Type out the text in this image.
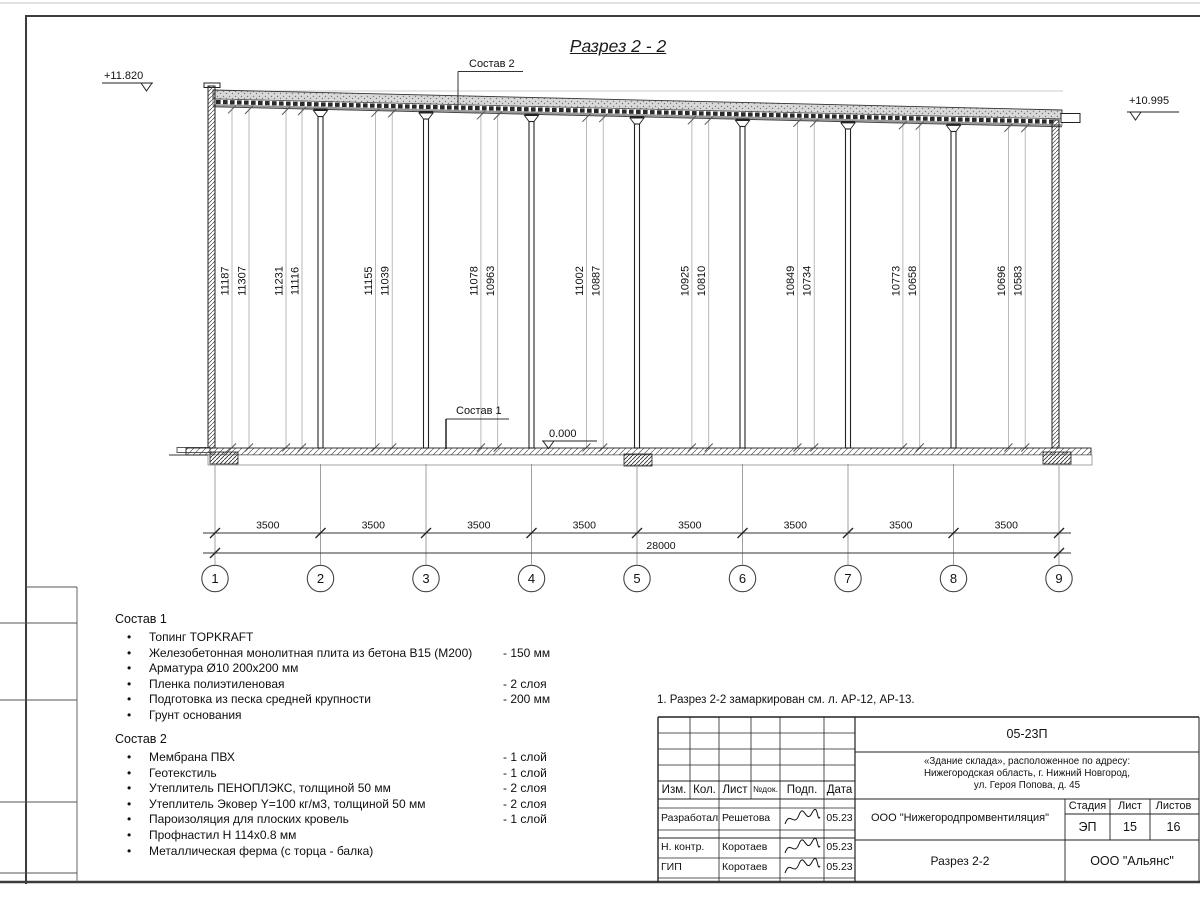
11187 11307 11231 11116	11155 11039	11078 10963	11002 10887	10925 10810	10849 10734	10773 10658	10696 10583
3500	3500	3500	3500	3500	3500	3500	3500
28000
1	2	3	4	5	6	7	8	9
+11.820
+10.995
0.000
Состав 2
Состав 1
Разрез 2 - 2
Состав 1
• Топинг TOPKRAFT
• Железобетонная монолитная плита из бетона В15 (М200)	- 150 мм
• Арматура Ø10 200x200 мм
• Пленка полиэтиленовая	- 2 слоя
• Подготовка из песка средней крупности	- 200 мм
• Грунт основания
Состав 2
• Мембрана ПВХ	- 1 слой
• Геотекстиль	- 1 слой
• Утеплитель ПЕНОПЛЭКС, толщиной 50 мм	- 2 слоя
• Утеплитель Эковер Y=100 кг/м3, толщиной 50 мм	- 2 слоя
• Пароизоляция для плоских кровель	- 1 слой
• Профнастил Н 114x0.8 мм
• Металлическая ферма (с торца - балка)
1. Разрез 2-2 замаркирован см. л. АР-12, АР-13.
05-23П
ООО "Нижегородпромвентиляция"
Разрез 2-2
Стадия	Лист	Листов
ЭП	15	16
ООО "Альянс"
Изм. Кол. Лист №док. Подп. Дата
«Здание склада», расположенное по адресу:
Нижегородская область, г. Нижний Новгород,
ул. Героя Попова, д. 45
Разработал Решетова	05.23
Н. контр.	Коротаев	05.23
ГИП	Коротаев	05.23
